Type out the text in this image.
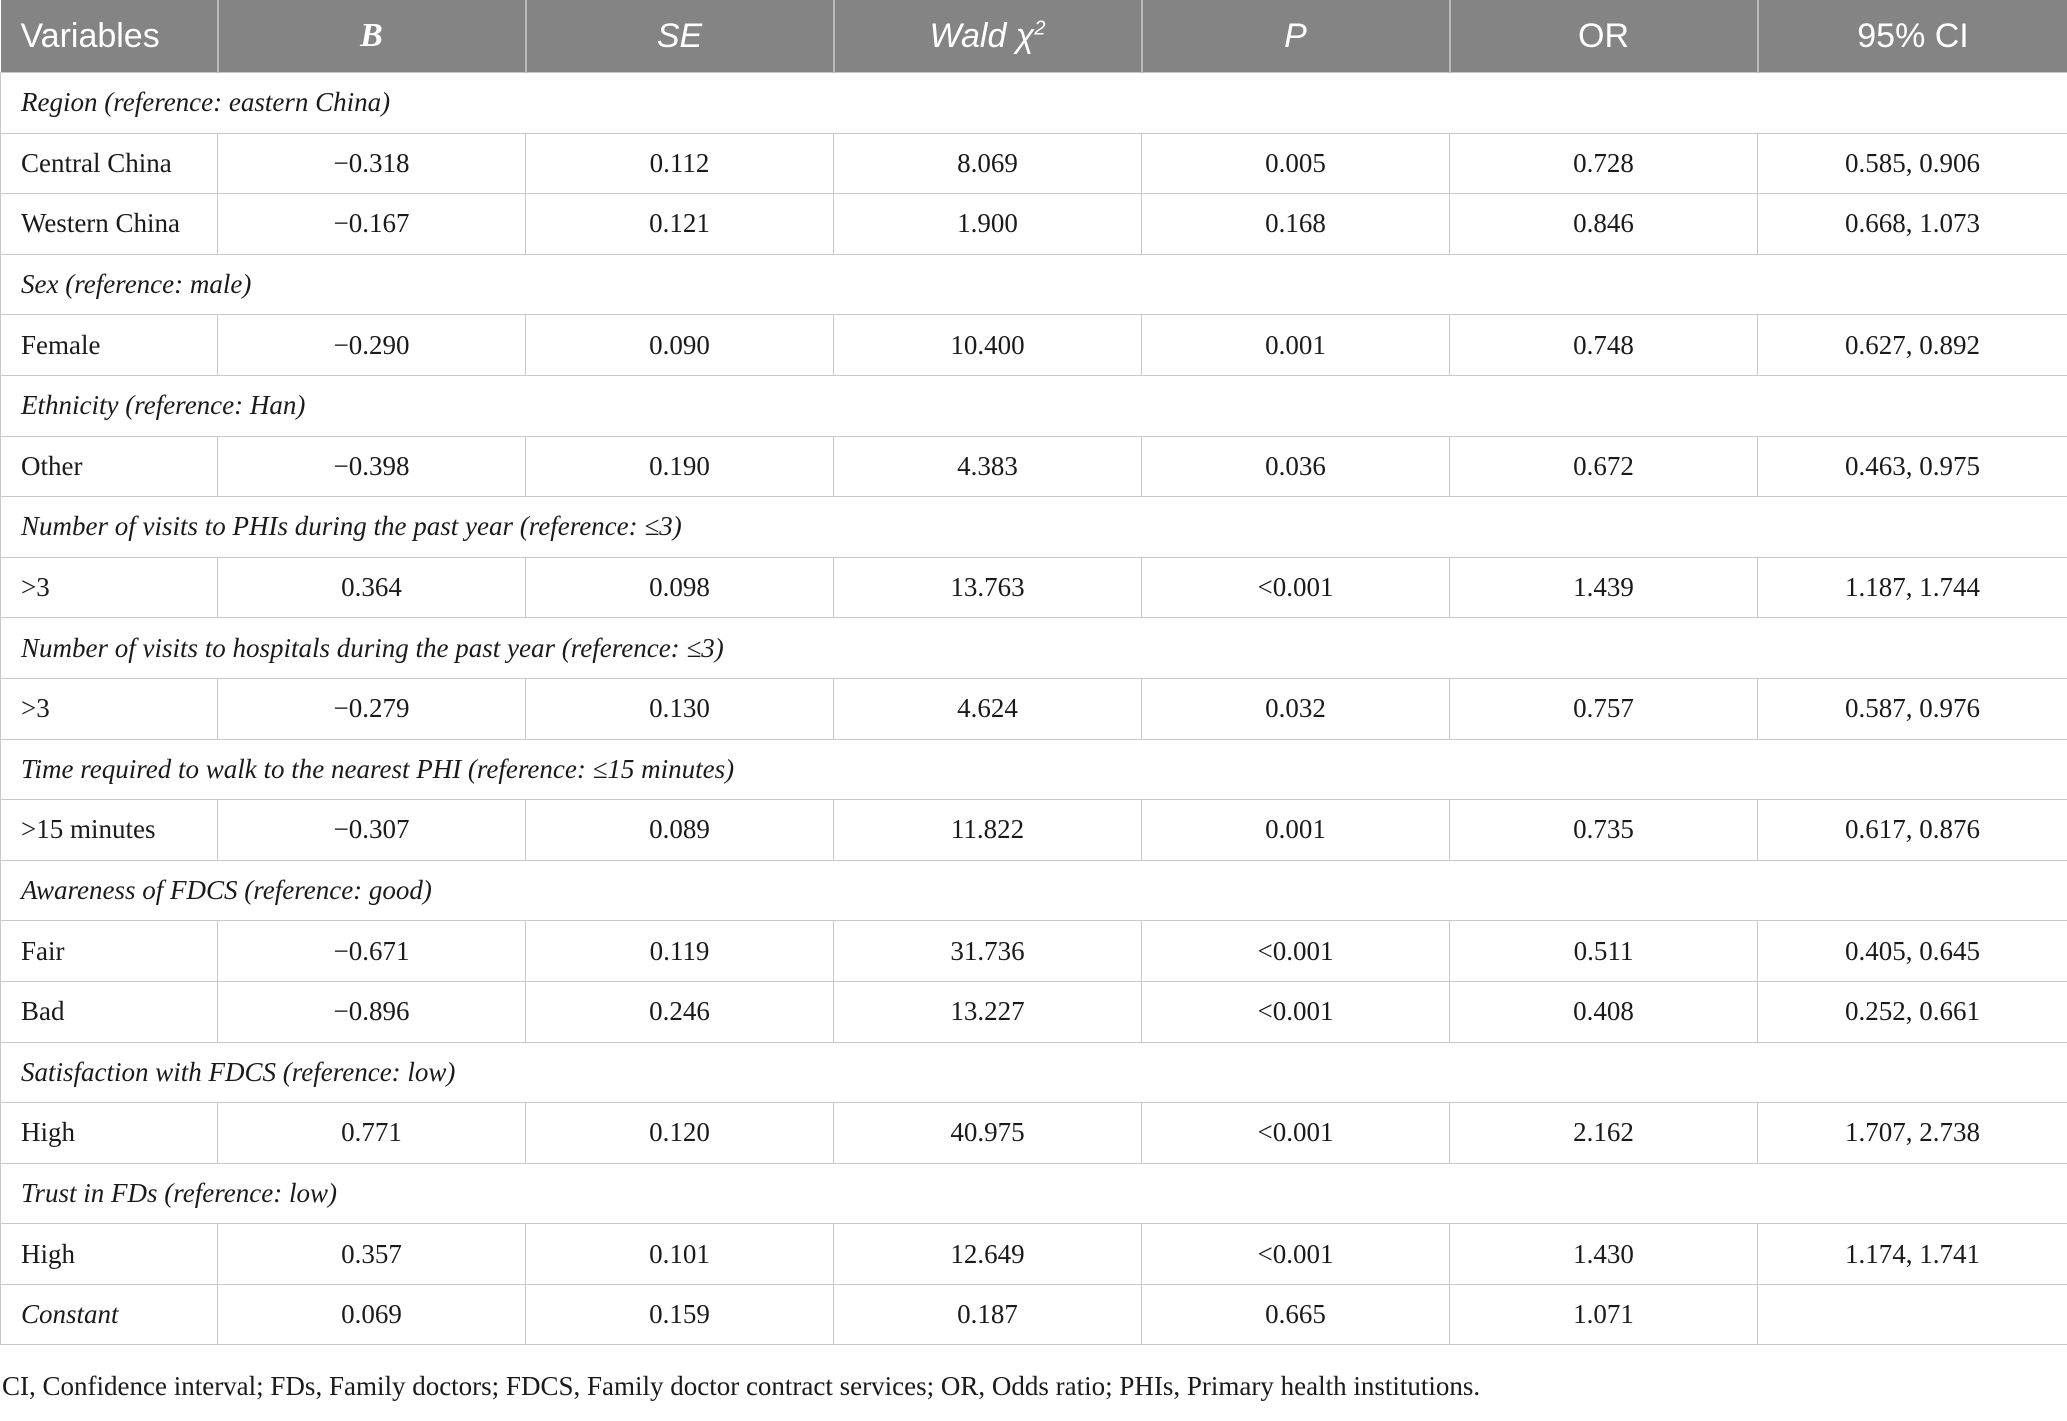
Variables	B	SE	Wald $\chi^2$	P	OR	95% CI
Region (reference: eastern China)						
Central China	−0.318	0.112	8.069	0.005	0.728	0.585, 0.906
Western China	−0.167	0.121	1.900	0.168	0.846	0.668, 1.073
Sex (reference: male)						
Female	−0.290	0.090	10.400	0.001	0.748	0.627, 0.892
Ethnicity (reference: Han)						
Other	−0.398	0.190	4.383	0.036	0.672	0.463, 0.975
Number of visits to PHIs during the past year (reference: ≤3)						
>3	0.364	0.098	13.763	<0.001	1.439	1.187, 1.744
Number of visits to hospitals during the past year (reference: ≤3)						
>3	−0.279	0.130	4.624	0.032	0.757	0.587, 0.976
Time required to walk to the nearest PHI (reference: ≤15 minutes)						
>15 minutes	−0.307	0.089	11.822	0.001	0.735	0.617, 0.876
Awareness of FDCS (reference: good)						
Fair	−0.671	0.119	31.736	<0.001	0.511	0.405, 0.645
Bad	−0.896	0.246	13.227	<0.001	0.408	0.252, 0.661
Satisfaction with FDCS (reference: low)						
High	0.771	0.120	40.975	<0.001	2.162	1.707, 2.738
Trust in FDs (reference: low)						
High	0.357	0.101	12.649	<0.001	1.430	1.174, 1.741
Constant	0.069	0.159	0.187	0.665	1.071	
CI, Confidence interval; FDs, Family doctors; FDCS, Family doctor contract services; OR, Odds ratio; PHIs, Primary health institutions.
